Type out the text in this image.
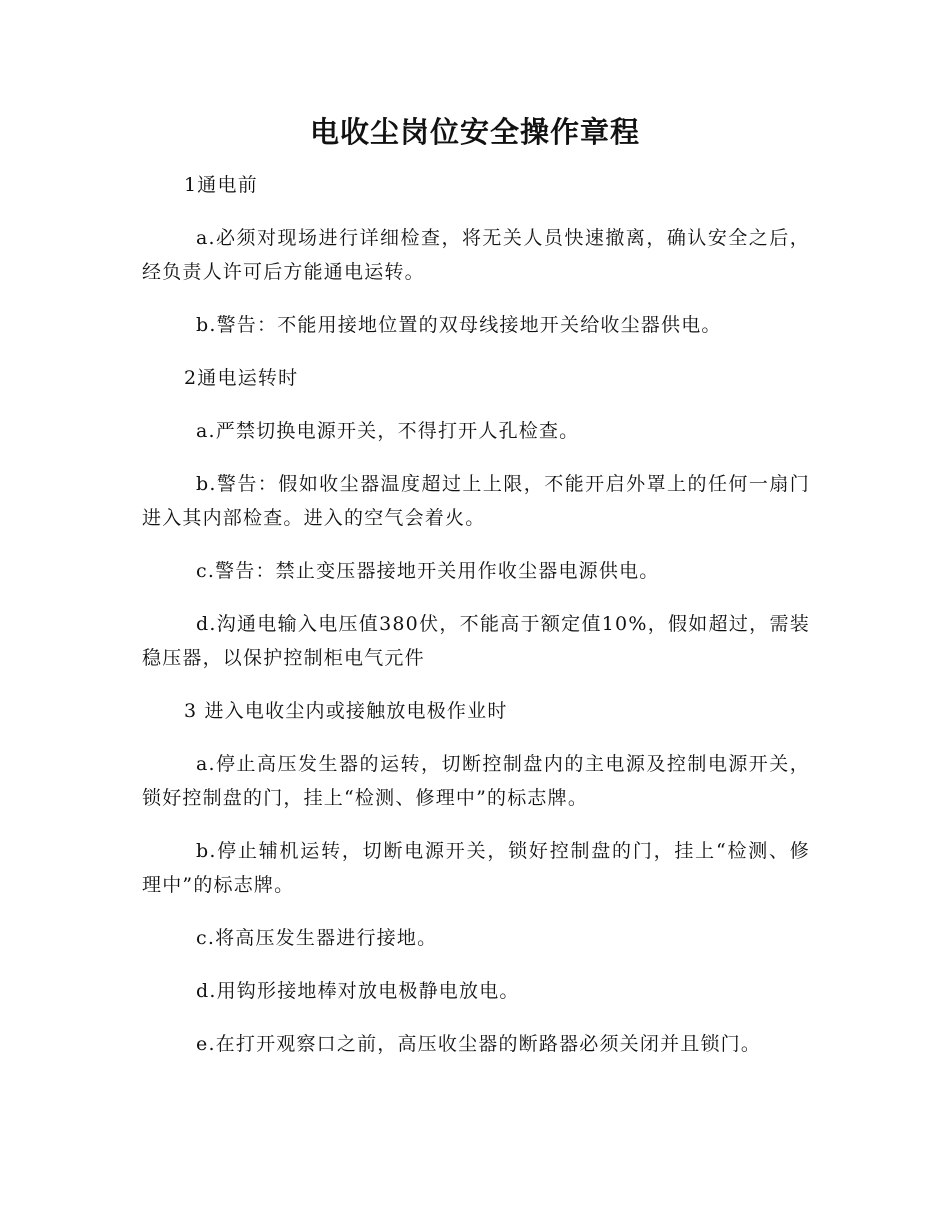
电收尘岗位安全操作章程

1通电前

a.必须对现场进行详细检查，将无关人员快速撤离，确认安全之后，经负责人许可后方能通电运转。

b.警告：不能用接地位置的双母线接地开关给收尘器供电。

2通电运转时

a.严禁切换电源开关，不得打开人孔检查。

b.警告：假如收尘器温度超过上上限，不能开启外罩上的任何一扇门进入其内部检查。进入的空气会着火。

c.警告：禁止变压器接地开关用作收尘器电源供电。

d.沟通电输入电压值380伏，不能高于额定值10%，假如超过，需装稳压器，以保护控制柜电气元件

3 进入电收尘内或接触放电极作业时

a.停止高压发生器的运转，切断控制盘内的主电源及控制电源开关，锁好控制盘的门，挂上“检测、修理中”的标志牌。

b.停止辅机运转，切断电源开关，锁好控制盘的门，挂上“检测、修理中”的标志牌。

c.将高压发生器进行接地。

d.用钩形接地棒对放电极静电放电。

e.在打开观察口之前，高压收尘器的断路器必须关闭并且锁门。
